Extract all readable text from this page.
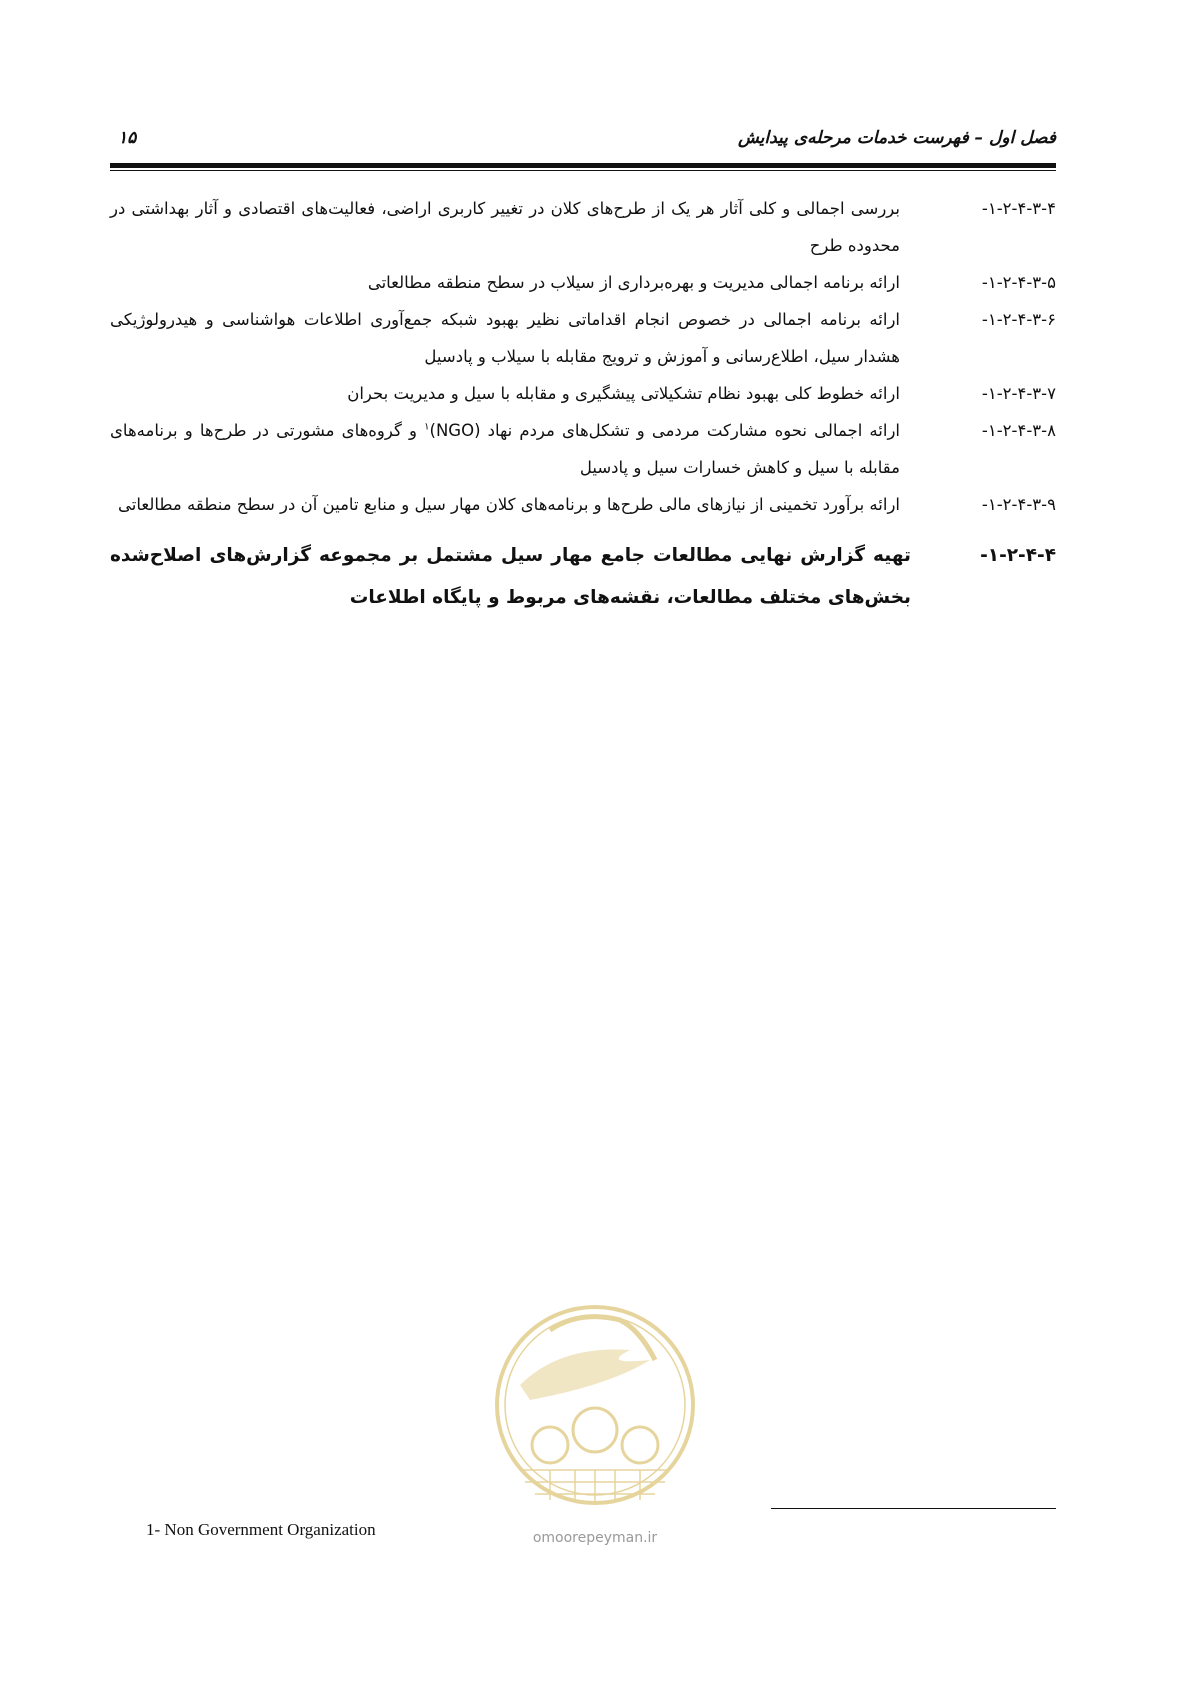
فصل اول – فهرست خدمات مرحله‌ی پیدایش
۱۵
۱-۲-۴-۳-۴-
بررسی اجمالی و کلی آثار هر یک از طرح‌های کلان در تغییر کاربری اراضی، فعالیت‌های اقتصادی و آثار بهداشتی در محدوده طرح
۱-۲-۴-۳-۵-
ارائه برنامه اجمالی مدیریت و بهره‌برداری از سیلاب در سطح منطقه مطالعاتی
۱-۲-۴-۳-۶-
ارائه برنامه اجمالی در خصوص انجام اقداماتی نظیر بهبود شبکه جمع‌آوری اطلاعات هواشناسی و هیدرولوژیکی هشدار سیل، اطلاع‌رسانی و آموزش و ترویج مقابله با سیلاب و پادسیل
۱-۲-۴-۳-۷-
ارائه خطوط کلی بهبود نظام تشکیلاتی پیشگیری و مقابله با سیل و مدیریت بحران
۱-۲-۴-۳-۸-
ارائه اجمالی نحوه مشارکت مردمی و تشکل‌های مردم نهاد (NGO)$^۱$ و گروه‌های مشورتی در طرح‌ها و برنامه‌های مقابله با سیل و کاهش خسارات سیل و پادسیل
۱-۲-۴-۳-۹-
ارائه برآورد تخمینی از نیازهای مالی طرح‌ها و برنامه‌های کلان مهار سیل و منابع تامین آن در سطح منطقه مطالعاتی
۱-۲-۴-۴-
تهیه گزارش نهایی مطالعات جامع مهار سیل مشتمل بر مجموعه گزارش‌های اصلاح‌شده بخش‌های مختلف مطالعات، نقشه‌های مربوط و پایگاه اطلاعات
omoorepeyman.ir
1- Non Government Organization
